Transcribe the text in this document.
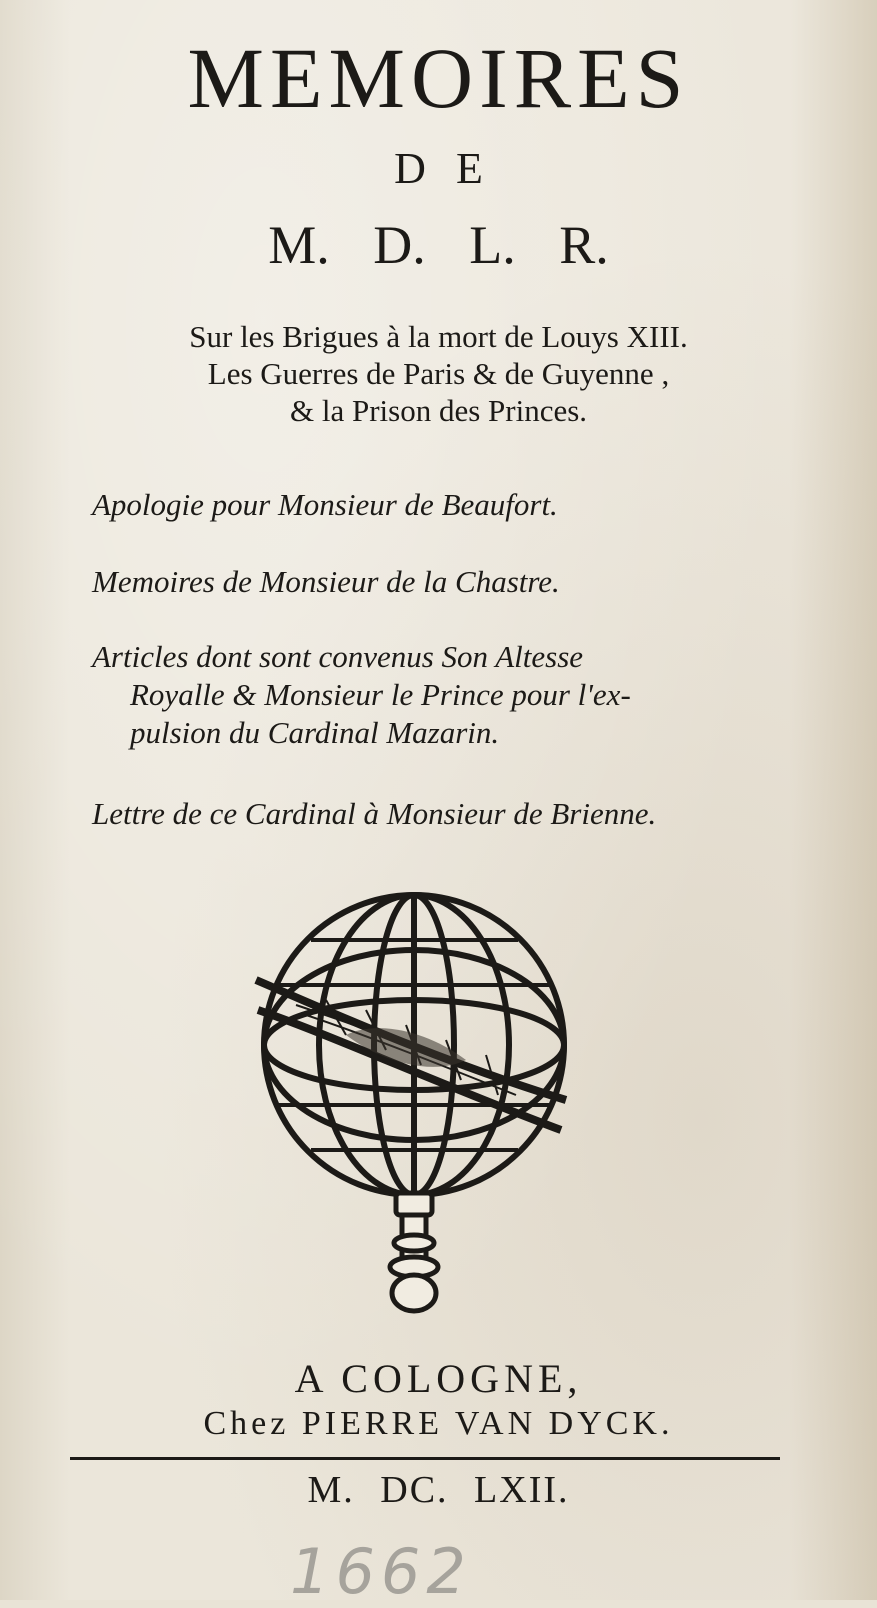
MEMOIRES
DE
M. D. L. R.
Sur les Brigues à la mort de Louys XIII.
Les Guerres de Paris & de Guyenne ,
& la Prison des Princes.
Apologie pour Monsieur de Beaufort.
Memoires de Monsieur de la Chastre.
Articles dont sont convenus Son Altesse
Royalle & Monsieur le Prince pour l'ex-
pulsion du Cardinal Mazarin.
Lettre de ce Cardinal à Monsieur de Brienne.
A COLOGNE,
Chez PIERRE VAN DYCK.
M. DC. LXII.
1662
